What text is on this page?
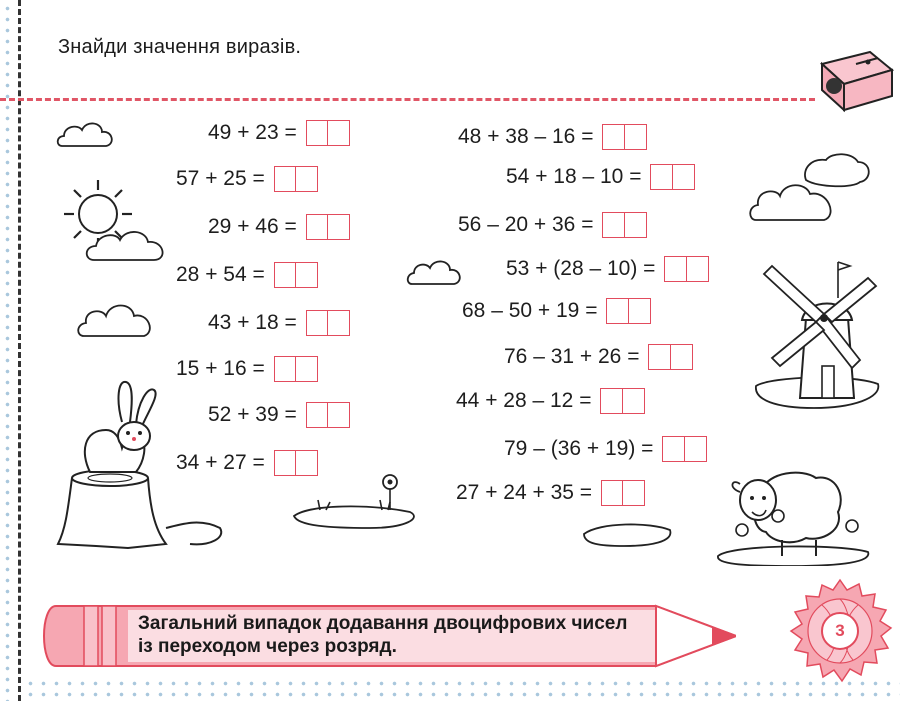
Знайди значення виразів.
49 + 23 =
57 + 25 =
29 + 46 =
28 + 54 =
43 + 18 =
15 + 16 =
52 + 39 =
34 + 27 =
48 + 38 – 16 =
54 + 18 – 10 =
56 – 20 + 36 =
53 + (28 – 10) =
68 – 50 + 19 =
76 – 31 + 26 =
44 + 28 – 12 =
79 – (36 + 19) =
27 + 24 + 35 =
Загальний випадок додавання двоцифрових чисел
із переходом через розряд.
3
